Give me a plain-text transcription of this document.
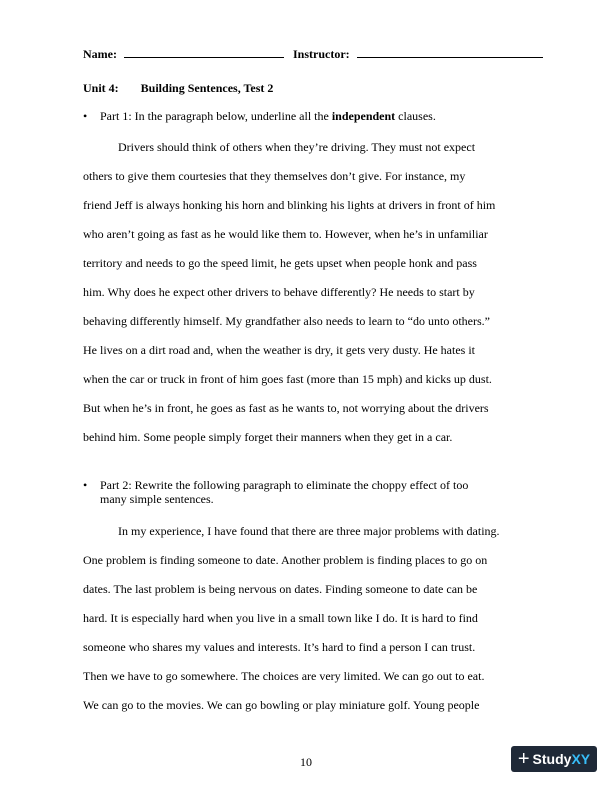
Name:	Instructor:
Unit 4: Building Sentences, Test 2
• Part 1: In the paragraph below, underline all the independent clauses.
Drivers should think of others when they’re driving. They must not expect
others to give them courtesies that they themselves don’t give. For instance, my
friend Jeff is always honking his horn and blinking his lights at drivers in front of him
who aren’t going as fast as he would like them to. However, when he’s in unfamiliar
territory and needs to go the speed limit, he gets upset when people honk and pass
him. Why does he expect other drivers to behave differently? He needs to start by
behaving differently himself. My grandfather also needs to learn to “do unto others.”
He lives on a dirt road and, when the weather is dry, it gets very dusty. He hates it
when the car or truck in front of him goes fast (more than 15 mph) and kicks up dust.
But when he’s in front, he goes as fast as he wants to, not worrying about the drivers
behind him. Some people simply forget their manners when they get in a car.
• Part 2: Rewrite the following paragraph to eliminate the choppy effect of too
many simple sentences.
In my experience, I have found that there are three major problems with dating.
One problem is finding someone to date. Another problem is finding places to go on
dates. The last problem is being nervous on dates. Finding someone to date can be
hard. It is especially hard when you live in a small town like I do. It is hard to find
someone who shares my values and interests. It’s hard to find a person I can trust.
Then we have to go somewhere. The choices are very limited. We can go out to eat.
We can go to the movies. We can go bowling or play miniature golf. Young people
10	+ Study XY
